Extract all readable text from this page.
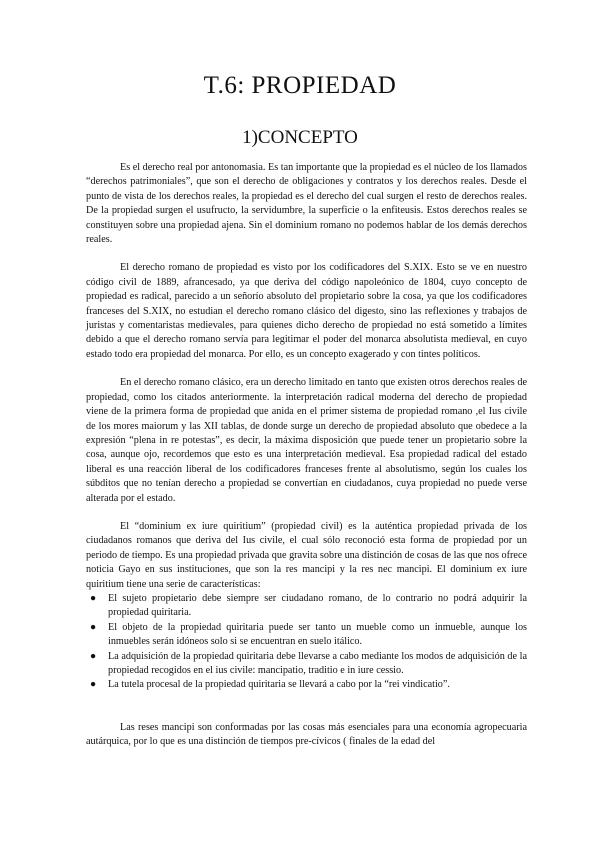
T.6: PROPIEDAD
1)CONCEPTO

Es el derecho real por antonomasia. Es tan importante que la propiedad es el núcleo de los llamados “derechos patrimoniales”, que son el derecho de obligaciones y contratos y los derechos reales. Desde el punto de vista de los derechos reales, la propiedad es el derecho del cual surgen el resto de derechos reales. De la propiedad surgen el usufructo, la servidumbre, la superficie o la enfiteusis. Estos derechos reales se constituyen sobre una propiedad ajena. Sin el dominium romano no podemos hablar de los demás derechos reales.

El derecho romano de propiedad es visto por los codificadores del S.XIX. Esto se ve en nuestro código civil de 1889, afrancesado, ya que deriva del código napoleónico de 1804, cuyo concepto de propiedad es radical, parecido a un señorío absoluto del propietario sobre la cosa, ya que los codificadores franceses del S.XIX, no estudian el derecho romano clásico del digesto, sino las reflexiones y trabajos de juristas y comentaristas medievales, para quienes dicho derecho de propiedad no está sometido a límites debido a que el derecho romano servía para legitimar el poder del monarca absolutista medieval, en cuyo estado todo era propiedad del monarca. Por ello, es un concepto exagerado y con tintes políticos.

En el derecho romano clásico, era un derecho limitado en tanto que existen otros derechos reales de propiedad, como los citados anteriormente. la interpretación radical moderna del derecho de propiedad viene de la primera forma de propiedad que anida en el primer sistema de propiedad romano ,el Ius civile de los mores maiorum y las XII tablas, de donde surge un derecho de propiedad absoluto que obedece a la expresión “plena in re potestas”, es decir, la máxima disposición que puede tener un propietario sobre la cosa, aunque ojo, recordemos que esto es una interpretación medieval. Esa propiedad radical del estado liberal es una reacción liberal de los codificadores franceses frente al absolutismo, según los cuales los súbditos que no tenían derecho a propiedad se convertían en ciudadanos, cuya propiedad no puede verse alterada por el estado.

El “dominium ex iure quiritium” (propiedad civil) es la auténtica propiedad privada de los ciudadanos romanos que deriva del Ius civile, el cual sólo reconoció esta forma de propiedad por un periodo de tiempo. Es una propiedad privada que gravita sobre una distinción de cosas de las que nos ofrece noticia Gayo en sus instituciones, que son la res mancipi y la res nec mancipi. El dominium ex iure quiritium tiene una serie de características:

● El sujeto propietario debe siempre ser ciudadano romano, de lo contrario no podrá adquirir la propiedad quiritaria.
● El objeto de la propiedad quiritaria puede ser tanto un mueble como un inmueble, aunque los inmuebles serán idóneos solo si se encuentran en suelo itálico.
● La adquisición de la propiedad quiritaria debe llevarse a cabo mediante los modos de adquisición de la propiedad recogidos en el ius civile: mancipatio, traditio e in iure cessio.
● La tutela procesal de la propiedad quiritaria se llevará a cabo por la “rei vindicatio”.

Las reses mancipi son conformadas por las cosas más esenciales para una economía agropecuaria autárquica, por lo que es una distinción de tiempos pre-cívicos ( finales de la edad del
